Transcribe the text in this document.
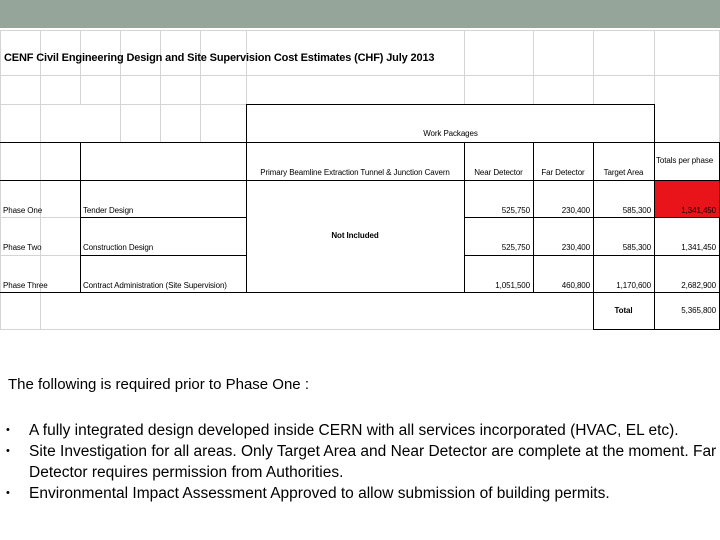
CENF Civil Engineering Design and Site Supervision Cost Estimates (CHF) July 2013
Work Packages
Totals per phase
Primary Beamline Extraction Tunnel & Junction Cavern	Near Detector	Far Detector	Target Area
Not Included
Phase One	Tender Design	525,750	230,400	585,300	1,341,450
Phase Two	Construction Design	525,750	230,400	585,300	1,341,450
Phase Three	Contract Administration (Site Supervision)	1,051,500	460,800	1,170,600	2,682,900
Total	5,365,800
The following is required prior to Phase One :
• A fully integrated design developed inside CERN with all services incorporated (HVAC, EL etc).
• Site Investigation for all areas. Only Target Area and Near Detector are complete at the moment. Far Detector requires permission from Authorities.
• Environmental Impact Assessment Approved to allow submission of building permits.
